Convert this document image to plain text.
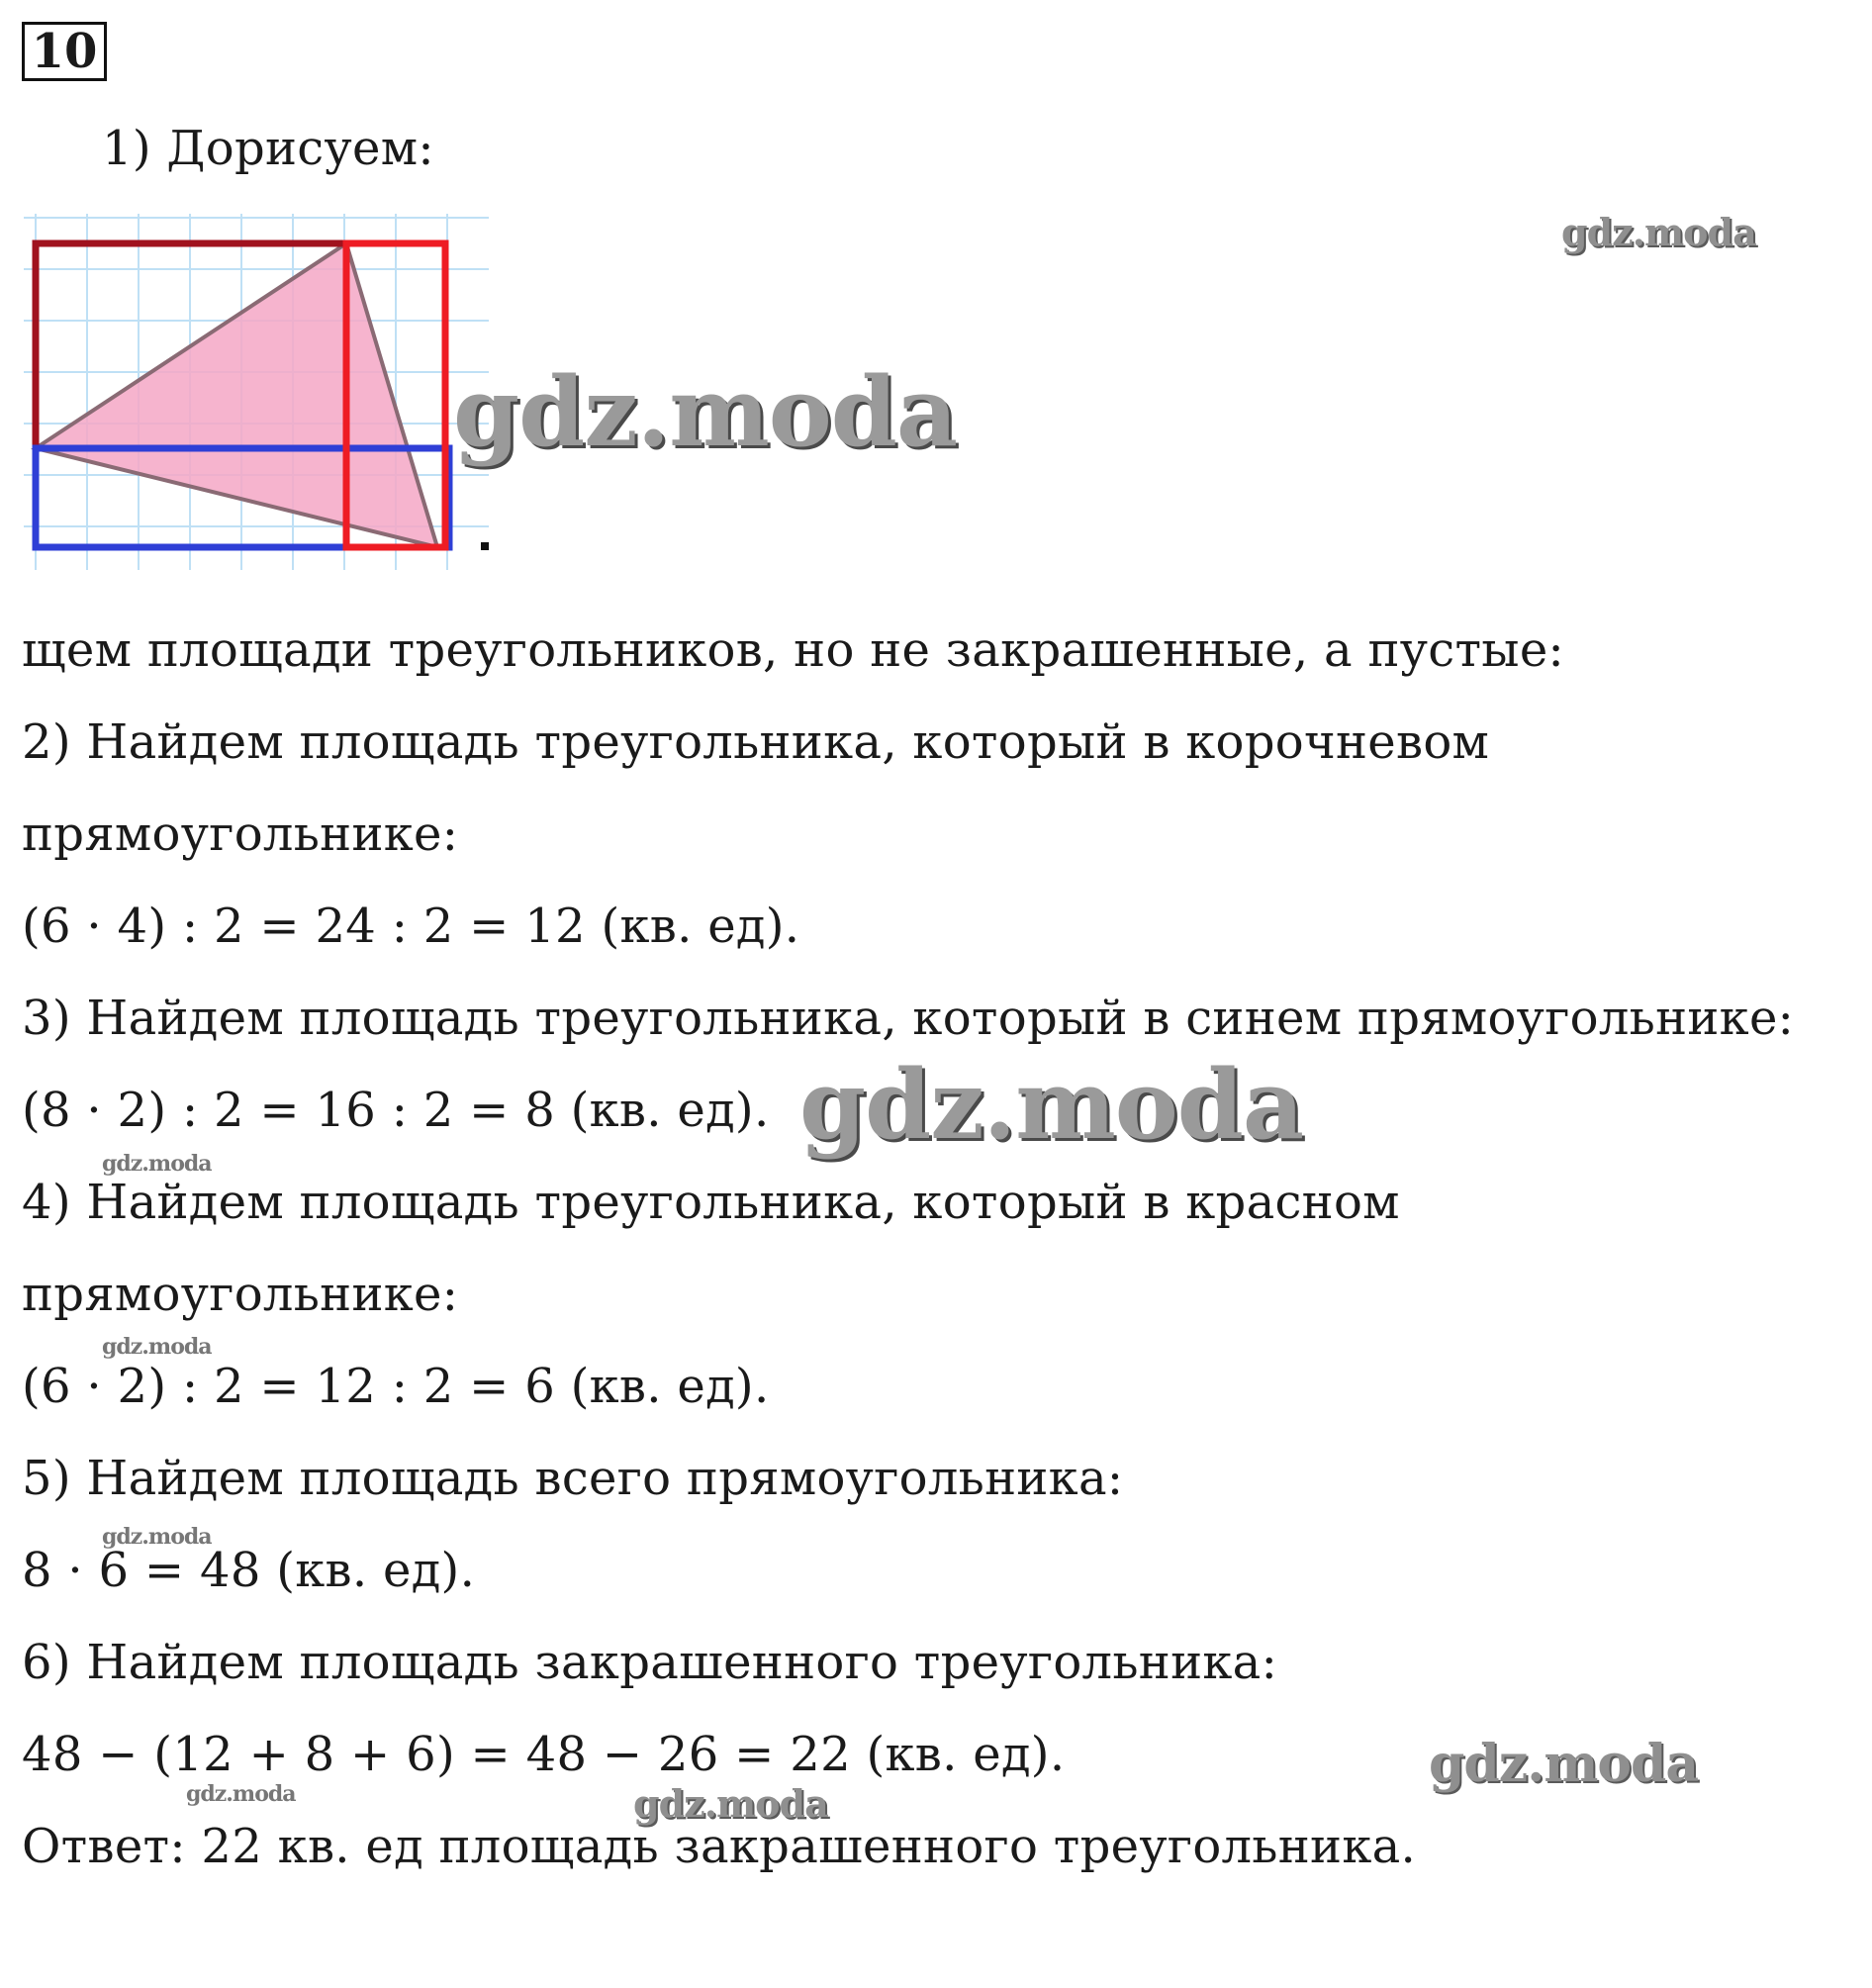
10
1) Дорисуем:
щем площади треугольников, но не закрашенные, а пустые:
2) Найдем площадь треугольника, который в корочневом
прямоугольнике:
(6 · 4) : 2 = 24 : 2 = 12 (кв. ед).
3) Найдем площадь треугольника, который в синем прямоугольнике:
(8 · 2) : 2 = 16 : 2 = 8 (кв. ед).
4) Найдем площадь треугольника, который в красном
прямоугольнике:
(6 · 2) : 2 = 12 : 2 = 6 (кв. ед).
5) Найдем площадь всего прямоугольника:
8 · 6 = 48 (кв. ед).
6) Найдем площадь закрашенного треугольника:
48 − (12 + 8 + 6) = 48 − 26 = 22 (кв. ед).
Ответ: 22 кв. ед площадь закрашенного треугольника.
gdz.moda
gdz.moda
gdz.moda
gdz.moda
gdz.moda
gdz.moda
gdz.moda
gdz.moda
gdz.moda
